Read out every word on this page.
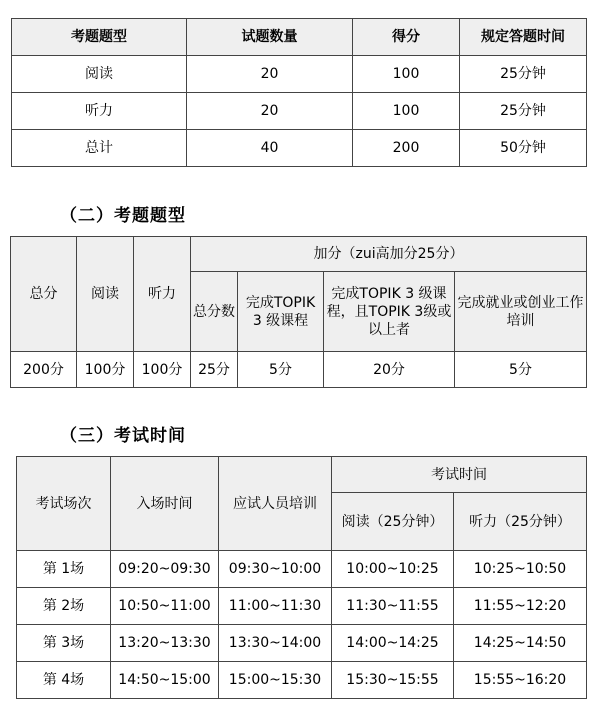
考题题型	试题数量	得分	规定答题时间
阅读	20	100	25分钟
听力	20	100	25分钟
总计	40	200	50分钟
（二）考题题型
总分	阅读	听力	加分（zui高加分25分）			
			总分数	完成TOPIK 3 级课程	完成TOPIK 3 级课程，且TOPIK 3级或以上者	完成就业或创业工作培训
200分	100分	100分	25分	5分	20分	5分
（三）考试时间
考试场次	入场时间	应试人员培训	考试时间	
			阅读（25分钟）	听力（25分钟）
第 1场	09:20~09:30	09:30~10:00	10:00~10:25	10:25~10:50
第 2场	10:50~11:00	11:00~11:30	11:30~11:55	11:55~12:20
第 3场	13:20~13:30	13:30~14:00	14:00~14:25	14:25~14:50
第 4场	14:50~15:00	15:00~15:30	15:30~15:55	15:55~16:20
